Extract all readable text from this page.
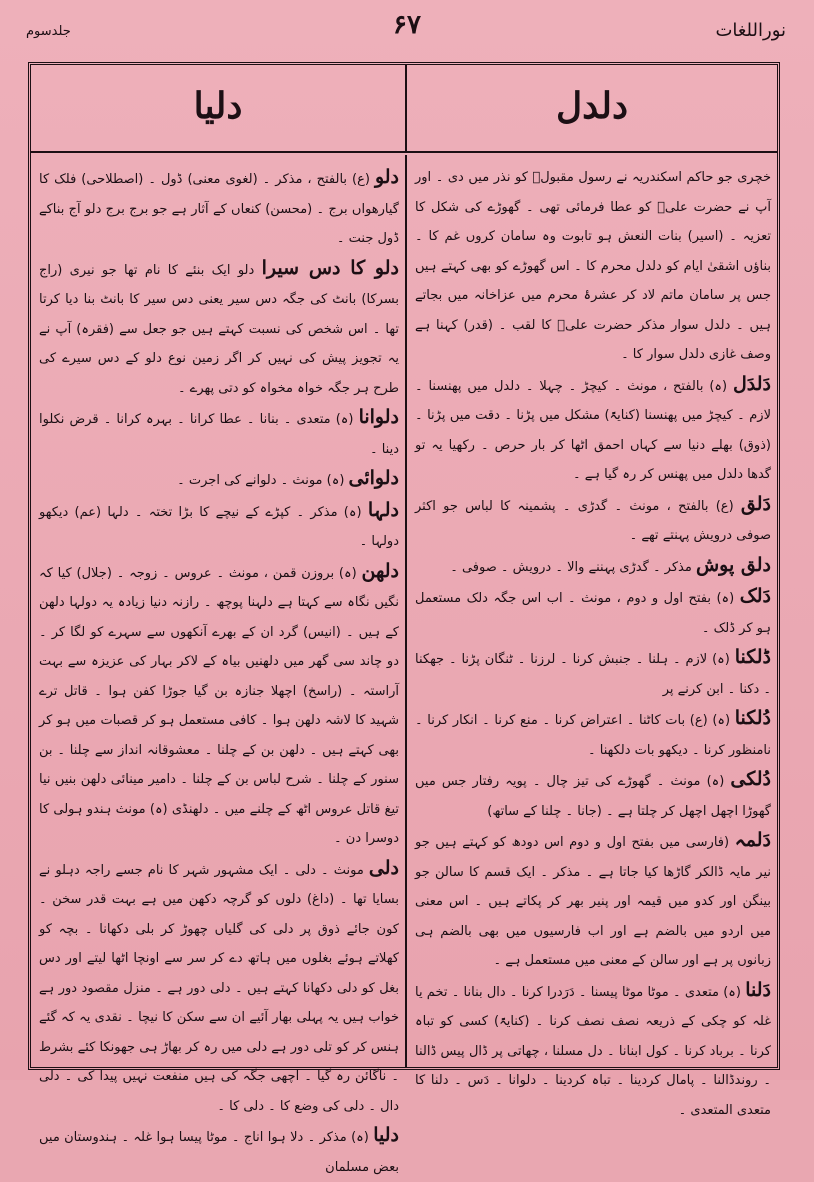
جلدسوم	۶۷	نوراللغات
دلیا	دلدل

دلو (ع) بالفتح ، مذکر ۔ (لغوی معنی) ڈول ۔ (اصطلاحی) فلک کا گیارھواں برج ۔ (محسن) کنعاں کے آثار ہے جو برج برج دلو آج بناکے ڈول جنت ۔

دلو کا دس سیرا دلو ایک بنئے کا نام تھا جو نیری (راج بسرکا) بانٹ کی جگہ دس سیر یعنی دس سیر کا بانٹ بنا دیا کرتا تھا ۔ اس شخص کی نسبت کہتے ہیں جو جعل سے (فقرہ) آپ نے یہ تجویز پیش کی نہیں کر اگر زمین نوع دلو کے دس سیرے کی طرح ہر جگہ خواہ مخواہ کو دتی پھرے ۔

دلوانا (ہ) متعدی ۔ بنانا ۔ عطا کرانا ۔ بہرہ کرانا ۔ قرض نکلوا دینا ۔

دلوائی (ہ) مونث ۔ دلوانے کی اجرت ۔

دلہا (ہ) مذکر ۔ کپڑے کے نیچے کا بڑا تختہ ۔ دلہا (عم) دیکھو دولہا ۔

دلھن (ہ) بروزن قمن ، مونث ۔ عروس ۔ زوجہ ۔ (جلال) کیا کہ نگیں نگاہ سے کہتا ہے دلہنا پوچھ ۔ رازنہ دنیا زیادہ یہ دولہا دلھن کے ہیں ۔ (انیس) گرد ان کے بھرے آنکھوں سے سہرے کو لگا کر ۔ دو چاند سی گھر میں دلھنیں بیاہ کے لاکر بہار کی عزیزہ سے بہت آراستہ ۔ (راسخ) اچھلا جنازہ بن گیا جوڑا کفن ہوا ۔ قاتل ترے شہید کا لاشہ دلھن ہوا ۔ کافی مستعمل ہو کر قصبات میں ہو کر بھی کہتے ہیں ۔ دلھن بن کے چلنا ۔ معشوقانہ انداز سے چلنا ۔ بن سنور کے چلنا ۔ شرح لباس بن کے چلنا ۔ دامیر مینائی دلھن بنیں نیا تیغ قاتل عروس اٹھ کے چلنے میں ۔ دلھنڈی (ہ) مونث ہندو ہولی کا دوسرا دن ۔

دلی مونث ۔ دلی ۔ ایک مشہور شہر کا نام جسے راجہ دہلو نے بسایا تھا ۔ (داغ) دلوں کو گرچہ دکھن میں ہے بہت قدر سخن ۔ کون جائے ذوق پر دلی کی گلیاں چھوڑ کر بلی دکھانا ۔ بچہ کو کھلاتے ہوئے بغلوں میں ہاتھ دے کر سر سے اونچا اٹھا لیتے اور دس بغل کو دلی دکھانا کہتے ہیں ۔ دلی دور ہے ۔ منزل مقصود دور ہے خواب ہیں یہ پہلی بھار آئیے ان سے سکن کا نیچا ۔ نقدی یہ کہ گئے ہنس کر کو تلی دور ہے دلی میں رہ کر بھاڑ ہی جھونکا کئے بشرط ۔ ناگائن رہ گیا ۔ اچھی جگہ کی ہیں منفعت نہیں پیدا کی ۔ دلی دال ۔ دلی کی وضع کا ۔ دلی کا ۔

دلیا (ہ) مذکر ۔ دلا ہوا اناج ۔ موٹا پیسا ہوا غلہ ۔ ہندوستان میں بعض مسلمان

خچری جو حاکم اسکندریہ نے رسول مقبولؐ کو نذر میں دی ۔ اور آپ نے حضرت علیؓ کو عطا فرمائی تھی ۔ گھوڑے کی شکل کا تعزیہ ۔ (اسیر) بنات النعش ہو تابوت وہ سامان کروں غم کا ۔ بناؤں اشقیٰ ایام کو دلدل محرم کا ۔ اس گھوڑے کو بھی کہتے ہیں جس پر سامان ماتم لاد کر عشرۂ محرم میں عزاخانہ میں بجاتے ہیں ۔ دلدل سوار مذکر حضرت علیؓ کا لقب ۔ (قدر) کہنا ہے وصف غازی دلدل سوار کا ۔

دَلدَل (ہ) بالفتح ، مونث ۔ کیچڑ ۔ چہلا ۔ دلدل میں پھنسنا ۔ لازم ۔ کیچڑ میں پھنسنا (کنایۃً) مشکل میں پڑنا ۔ دقت میں پڑنا ۔ (ذوق) بھلے دنیا سے کہاں احمق اٹھا کر بار حرص ۔ رکھیا یہ تو گدھا دلدل میں پھنس کر رہ گیا ہے ۔

دَلق (ع) بالفتح ، مونث ۔ گدڑی ۔ پشمینہ کا لباس جو اکثر صوفی درویش پہنتے تھے ۔

دلق پوش مذکر ۔ گدڑی پہننے والا ۔ درویش ۔ صوفی ۔

دَلک (ہ) بفتح اول و دوم ، مونث ۔ اب اس جگہ دلک مستعمل ہو کر ڈلک ۔

ڈلکنا (ہ) لازم ۔ ہلنا ۔ جنبش کرنا ۔ لرزنا ۔ ٹنگان پڑنا ۔ جھکنا ۔ دکنا ۔ ابن کرنے پر

دُلکنا (ہ) (ع) بات کاٹنا ۔ اعتراض کرنا ۔ منع کرنا ۔ انکار کرنا ۔ نامنظور کرنا ۔ دیکھو بات دلکھنا ۔

دُلکی (ہ) مونث ۔ گھوڑے کی تیز چال ۔ پویہ رفتار جس میں گھوڑا اچھل اچھل کر چلتا ہے ۔ (جانا ۔ چلنا کے ساتھ)

دَلمہ (فارسی میں بفتح اول و دوم اس دودھ کو کہتے ہیں جو نیر مایہ ڈالکر گاڑھا کیا جاتا ہے ۔ مذکر ۔ ایک قسم کا سالن جو بینگن اور کدو میں قیمہ اور پنیر بھر کر پکاتے ہیں ۔ اس معنی میں اردو میں بالضم ہے اور اب فارسیوں میں بھی بالضم ہی زبانوں پر ہے اور سالن کے معنی میں مستعمل ہے ۔

دَلنا (ہ) متعدی ۔ موٹا موٹا پیسنا ۔ دَرَدرا کرنا ۔ دال بنانا ۔ تخم یا غلہ کو چکی کے ذریعہ نصف نصف کرنا ۔ (کنایۃً) کسی کو تباہ کرنا ۔ برباد کرنا ۔ کول ابنانا ۔ دل مسلنا ، چھاتی پر ڈال پیس ڈالنا ۔ روندڈالنا ۔ پامال کردینا ۔ تباہ کردینا ۔ دلوانا ۔ دَس ۔ دلنا کا متعدی المتعدی ۔
